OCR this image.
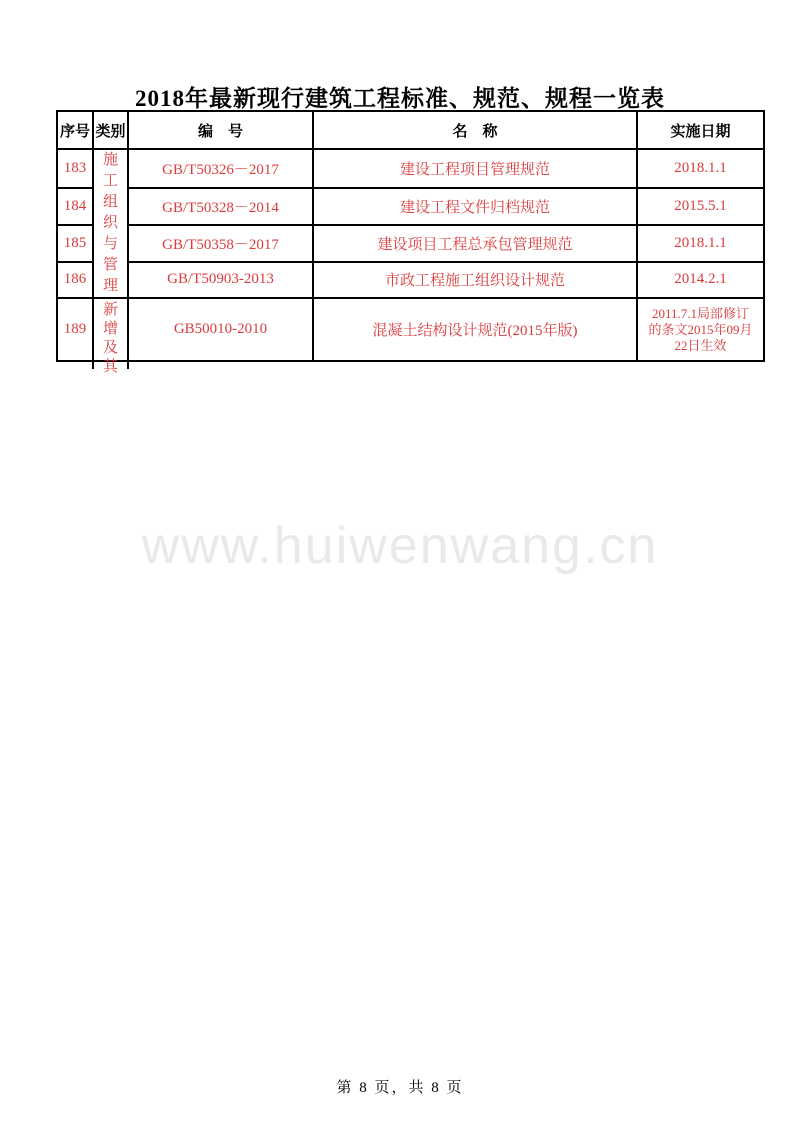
2018年最新现行建筑工程标准、规范、规程一览表
序号	类别	编　号	名　称	实施日期
183	施工组织与管理	GB/T50326－2017	建设工程项目管理规范	2018.1.1
184		GB/T50328－2014	建设工程文件归档规范	2015.5.1
185		GB/T50358－2017	建设项目工程总承包管理规范	2018.1.1
186		GB/T50903-2013	市政工程施工组织设计规范	2014.2.1
189	新增及其	GB50010-2010	混凝土结构设计规范(2015年版)	2011.7.1局部修订
的条文2015年09月
22日生效
www.huiwenwang.cn
第 8 页，共 8 页
